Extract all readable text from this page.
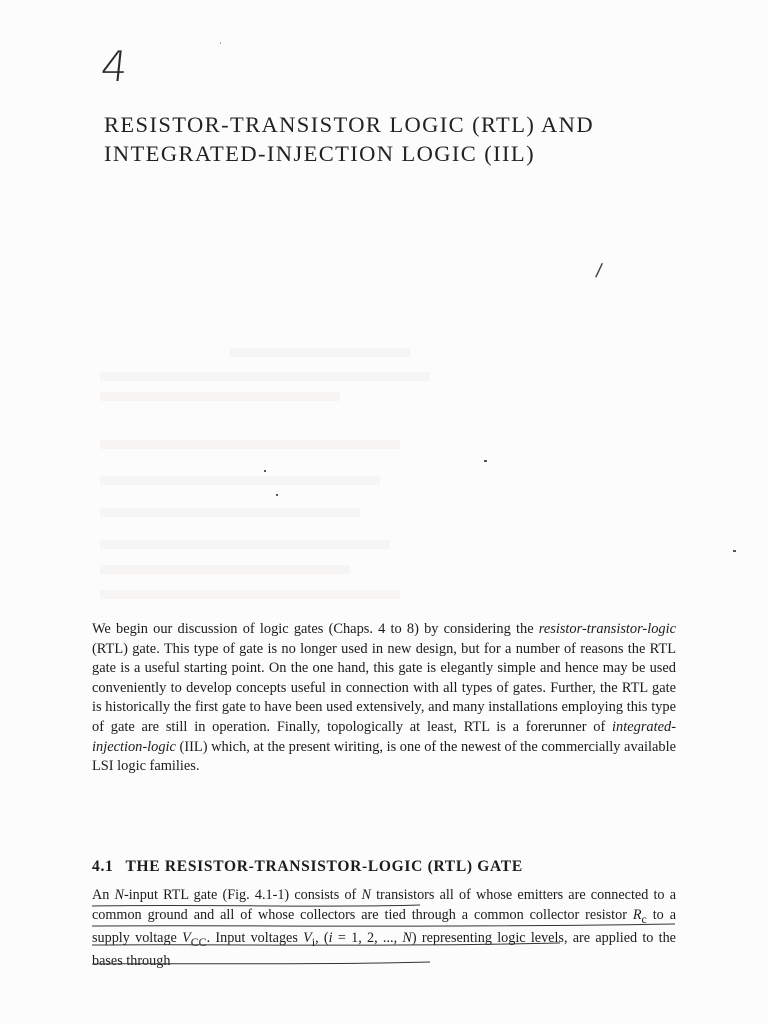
/
4
RESISTOR-TRANSISTOR LOGIC (RTL) AND
INTEGRATED-INJECTION LOGIC (IIL)

We begin our discussion of logic gates (Chaps. 4 to 8) by considering the resistor-transistor-logic (RTL) gate. This type of gate is no longer used in new design, but for a number of reasons the RTL gate is a useful starting point. On the one hand, this gate is elegantly simple and hence may be used conveniently to develop concepts useful in connection with all types of gates. Further, the RTL gate is historically the first gate to have been used extensively, and many installations employing this type of gate are still in operation. Finally, topologically at least, RTL is a forerunner of integrated-injection-logic (IIL) which, at the present wiriting, is one of the newest of the commercially available LSI logic families.

4.1 THE RESISTOR-TRANSISTOR-LOGIC (RTL) GATE

An N-input RTL gate (Fig. 4.1-1) consists of N transistors all of whose emitters are connected to a common ground and all of whose collectors are tied through a common collector resistor $R_c$ to a supply voltage $V_{CC}$. Input voltages $V_i$, (i = 1, 2, ..., N) representing logic levels, are applied to the bases through
